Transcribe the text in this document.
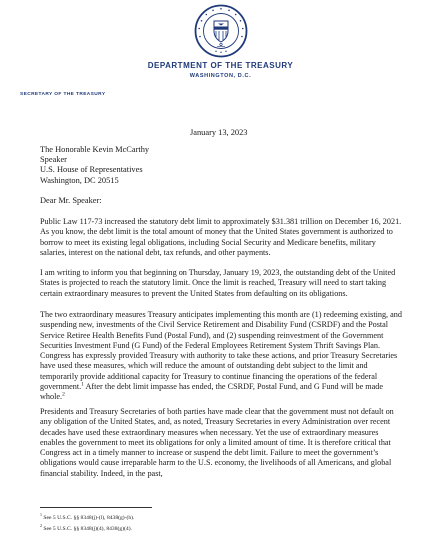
DEPARTMENT OF THE TREASURY
WASHINGTON, D.C.
SECRETARY OF THE TREASURY
January 13, 2023
The Honorable Kevin McCarthy
Speaker
U.S. House of Representatives
Washington, DC 20515
Dear Mr. Speaker:
Public Law 117-73 increased the statutory debt limit to approximately $31.381 trillion on December 16, 2021. As you know, the debt limit is the total amount of money that the United States government is authorized to borrow to meet its existing legal obligations, including Social Security and Medicare benefits, military salaries, interest on the national debt, tax refunds, and other payments.
I am writing to inform you that beginning on Thursday, January 19, 2023, the outstanding debt of the United States is projected to reach the statutory limit. Once the limit is reached, Treasury will need to start taking certain extraordinary measures to prevent the United States from defaulting on its obligations.
The two extraordinary measures Treasury anticipates implementing this month are (1) redeeming existing, and suspending new, investments of the Civil Service Retirement and Disability Fund (CSRDF) and the Postal Service Retiree Health Benefits Fund (Postal Fund), and (2) suspending reinvestment of the Government Securities Investment Fund (G Fund) of the Federal Employees Retirement System Thrift Savings Plan. Congress has expressly provided Treasury with authority to take these actions, and prior Treasury Secretaries have used these measures, which will reduce the amount of outstanding debt subject to the limit and temporarily provide additional capacity for Treasury to continue financing the operations of the federal government.$^1$ After the debt limit impasse has ended, the CSRDF, Postal Fund, and G Fund will be made whole.$^2$
Presidents and Treasury Secretaries of both parties have made clear that the government must not default on any obligation of the United States, and, as noted, Treasury Secretaries in every Administration over recent decades have used these extraordinary measures when necessary. Yet the use of extraordinary measures enables the government to meet its obligations for only a limited amount of time. It is therefore critical that Congress act in a timely manner to increase or suspend the debt limit. Failure to meet the government’s obligations would cause irreparable harm to the U.S. economy, the livelihoods of all Americans, and global financial stability. Indeed, in the past,
$^1$ See 5 U.S.C. §§ 8348(j)-(l), 8438(g)-(h).
$^2$ See 5 U.S.C. §§ 8348(j)(4), 8438(g)(4).
